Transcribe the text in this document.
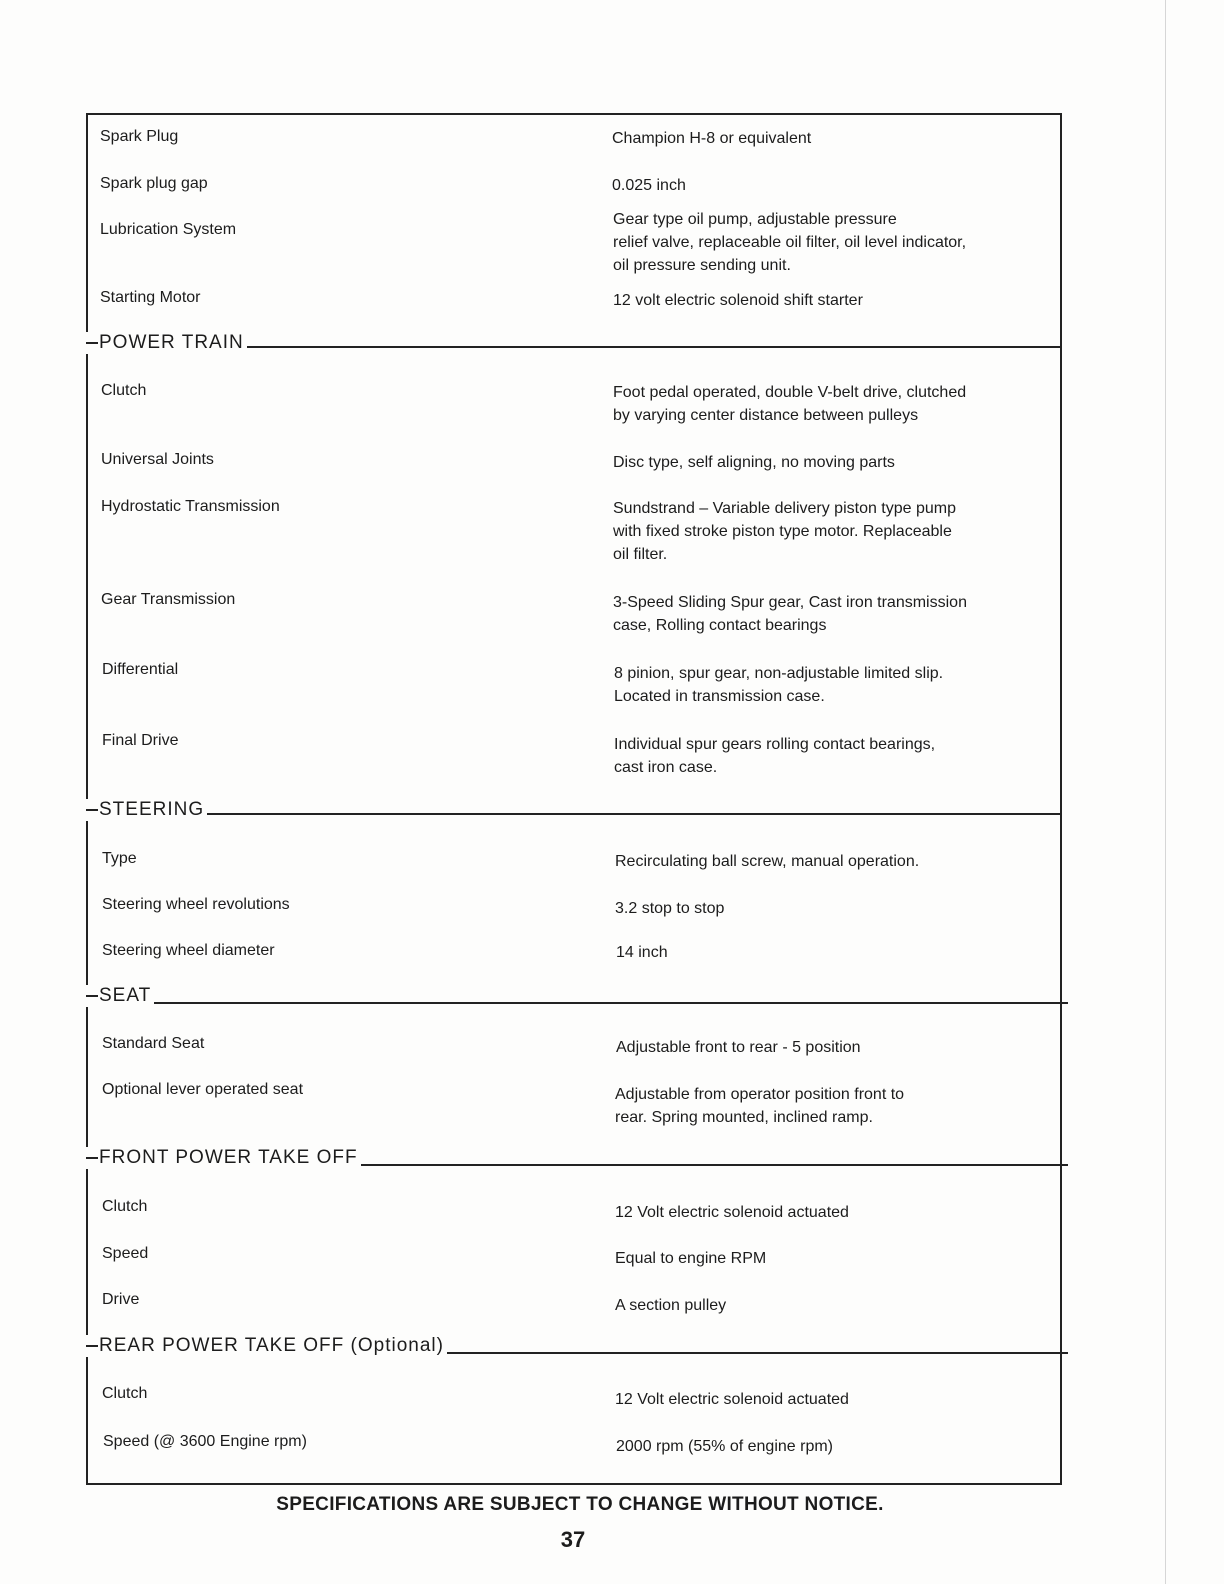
POWER TRAIN
STEERING
SEAT
FRONT POWER TAKE OFF
REAR POWER TAKE OFF (Optional)
Spark Plug	Champion H-8 or equivalent
Spark plug gap	0.025 inch
Lubrication System
Gear type oil pump, adjustable pressure
relief valve, replaceable oil filter, oil level indicator,
oil pressure sending unit.
Starting Motor	12 volt electric solenoid shift starter
Clutch	Foot pedal operated, double V-belt drive, clutched
by varying center distance between pulleys
Universal Joints	Disc type, self aligning, no moving parts
Hydrostatic Transmission	Sundstrand – Variable delivery piston type pump
with fixed stroke piston type motor. Replaceable
oil filter.
Gear Transmission	3-Speed Sliding Spur gear, Cast iron transmission
case, Rolling contact bearings
Differential	8 pinion, spur gear, non-adjustable limited slip.
Located in transmission case.
Final Drive	Individual spur gears rolling contact bearings,
cast iron case.
Type	Recirculating ball screw, manual operation.
Steering wheel revolutions	3.2 stop to stop
Steering wheel diameter	14 inch
Standard Seat	Adjustable front to rear - 5 position
Optional lever operated seat	Adjustable from operator position front to
rear. Spring mounted, inclined ramp.
Clutch	12 Volt electric solenoid actuated
Speed	Equal to engine RPM
Drive	A section pulley
Clutch	12 Volt electric solenoid actuated
Speed (@ 3600 Engine rpm)	2000 rpm (55% of engine rpm)
SPECIFICATIONS ARE SUBJECT TO CHANGE WITHOUT NOTICE.
37
